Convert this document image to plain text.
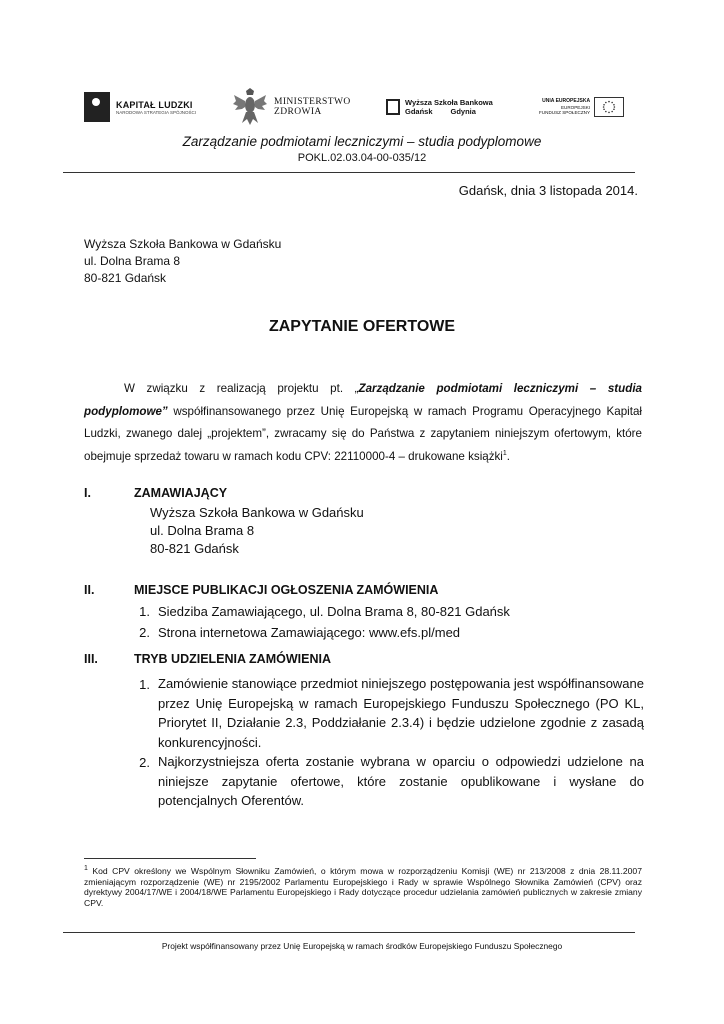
KAPITAŁ LUDZKI
NARODOWA STRATEGIA SPÓJNOŚCI
MINISTERSTWO
ZDROWIA
Wyższa Szkoła Bankowa
Gdańsk Gdynia
UNIA EUROPEJSKA
EUROPEJSKI
FUNDUSZ SPOŁECZNY
Zarządzanie podmiotami leczniczymi – studia podyplomowe
POKL.02.03.04-00-035/12
Gdańsk, dnia 3 listopada 2014.
Wyższa Szkoła Bankowa w Gdańsku
ul. Dolna Brama 8
80-821 Gdańsk
ZAPYTANIE OFERTOWE
W związku z realizacją projektu pt. „Zarządzanie podmiotami leczniczymi – studia podyplomowe” współfinansowanego przez Unię Europejską w ramach Programu Operacyjnego Kapitał Ludzki, zwanego dalej „projektem”, zwracamy się do Państwa z zapytaniem niniejszym ofertowym, które obejmuje sprzedaż towaru w ramach kodu CPV: 22110000-4 – drukowane książki$^1$.
I.	ZAMAWIAJĄCY
Wyższa Szkoła Bankowa w Gdańsku
ul. Dolna Brama 8
80-821 Gdańsk
II.	MIEJSCE PUBLIKACJI OGŁOSZENIA ZAMÓWIENIA
1. Siedziba Zamawiającego, ul. Dolna Brama 8, 80-821 Gdańsk
2. Strona internetowa Zamawiającego: www.efs.pl/med
III.	TRYB UDZIELENIA ZAMÓWIENIA
1. Zamówienie stanowiące przedmiot niniejszego postępowania jest współfinansowane przez Unię Europejską w ramach Europejskiego Funduszu Społecznego (PO KL, Priorytet II, Działanie 2.3, Poddziałanie 2.3.4) i będzie udzielone zgodnie z zasadą konkurencyjności.
2. Najkorzystniejsza oferta zostanie wybrana w oparciu o odpowiedzi udzielone na niniejsze zapytanie ofertowe, które zostanie opublikowane i wysłane do potencjalnych Oferentów.
$^1$ Kod CPV określony we Wspólnym Słowniku Zamówień, o którym mowa w rozporządzeniu Komisji (WE) nr 213/2008 z dnia 28.11.2007 zmieniającym rozporządzenie (WE) nr 2195/2002 Parlamentu Europejskiego i Rady w sprawie Wspólnego Słownika Zamówień (CPV) oraz dyrektywy 2004/17/WE i 2004/18/WE Parlamentu Europejskiego i Rady dotyczące procedur udzielania zamówień publicznych w zakresie zmiany CPV.
Projekt współfinansowany przez Unię Europejską w ramach środków Europejskiego Funduszu Społecznego
